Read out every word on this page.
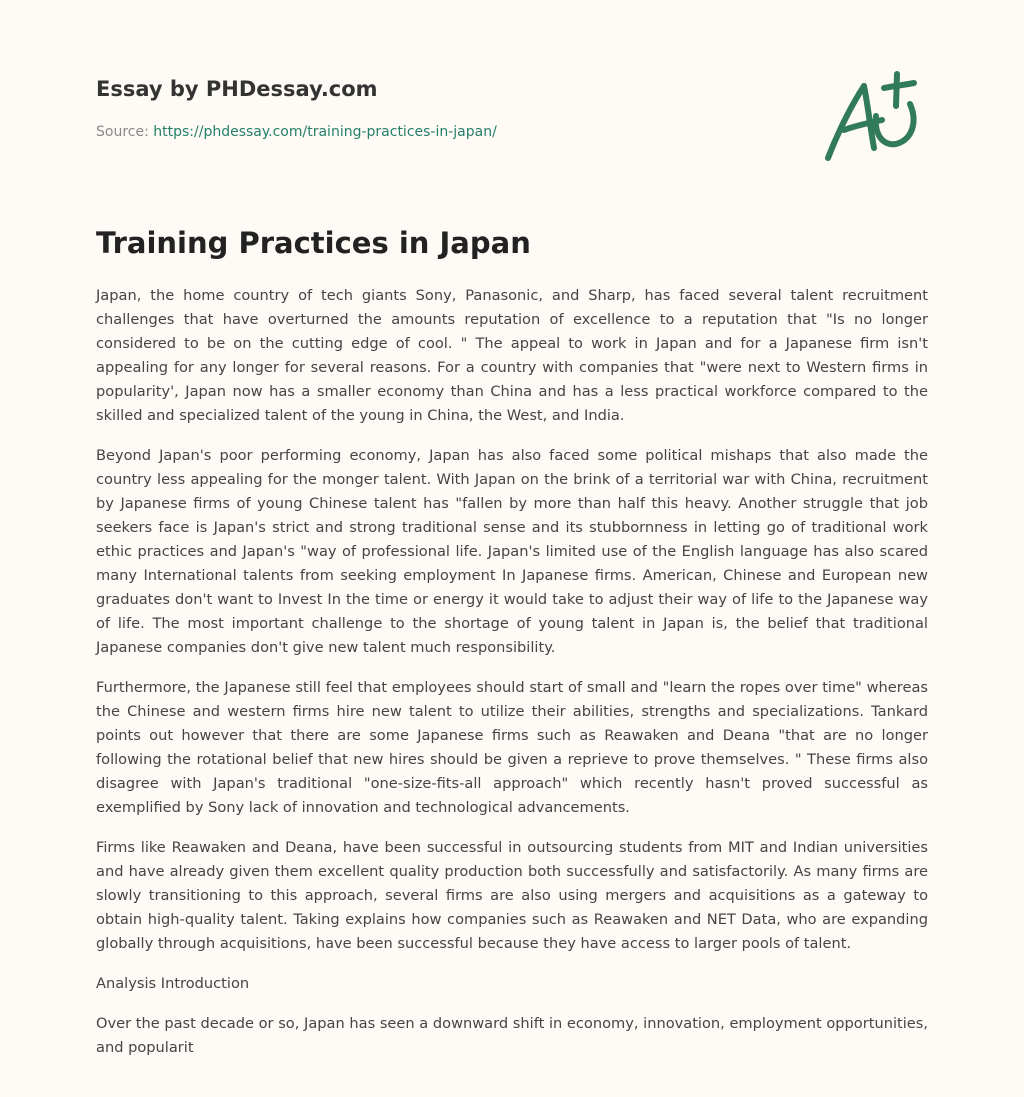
Essay by PHDessay.com
Source: https://phdessay.com/training-practices-in-japan/
Training Practices in Japan

Japan, the home country of tech giants Sony, Panasonic, and Sharp, has faced several talent recruitment challenges that have overturned the amounts reputation of excellence to a reputation that "Is no longer considered to be on the cutting edge of cool. " The appeal to work in Japan and for a Japanese firm isn't appealing for any longer for several reasons. For a country with companies that "were next to Western firms in popularity', Japan now has a smaller economy than China and has a less practical workforce compared to the skilled and specialized talent of the young in China, the West, and India.

Beyond Japan's poor performing economy, Japan has also faced some political mishaps that also made the country less appealing for the monger talent. With Japan on the brink of a territorial war with China, recruitment by Japanese firms of young Chinese talent has "fallen by more than half this heavy. Another struggle that job seekers face is Japan's strict and strong traditional sense and its stubbornness in letting go of traditional work ethic practices and Japan's "way of professional life. Japan's limited use of the English language has also scared many International talents from seeking employment In Japanese firms. American, Chinese and European new graduates don't want to Invest In the time or energy it would take to adjust their way of life to the Japanese way of life. The most important challenge to the shortage of young talent in Japan is, the belief that traditional Japanese companies don't give new talent much responsibility.

Furthermore, the Japanese still feel that employees should start of small and "learn the ropes over time" whereas the Chinese and western firms hire new talent to utilize their abilities, strengths and specializations. Tankard points out however that there are some Japanese firms such as Reawaken and Deana "that are no longer following the rotational belief that new hires should be given a reprieve to prove themselves. " These firms also disagree with Japan's traditional "one-size-fits-all approach" which recently hasn't proved successful as exemplified by Sony lack of innovation and technological advancements.

Firms like Reawaken and Deana, have been successful in outsourcing students from MIT and Indian universities and have already given them excellent quality production both successfully and satisfactorily. As many firms are slowly transitioning to this approach, several firms are also using mergers and acquisitions as a gateway to obtain high-quality talent. Taking explains how companies such as Reawaken and NET Data, who are expanding globally through acquisitions, have been successful because they have access to larger pools of talent.

Analysis Introduction

Over the past decade or so, Japan has seen a downward shift in economy, innovation, employment opportunities, and popularit
